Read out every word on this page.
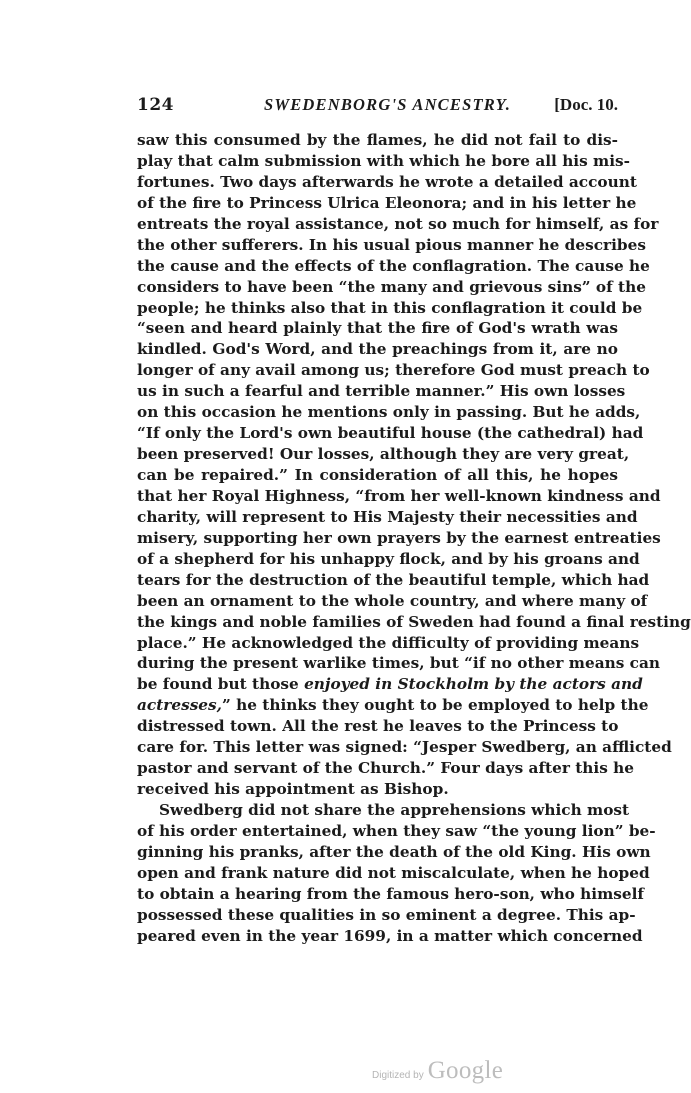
124	SWEDENBORG'S ANCESTRY.	[Doc. 10.
saw this consumed by the flames, he did not fail to dis-
play that calm submission with which he bore all his mis-
fortunes. Two days afterwards he wrote a detailed account
of the fire to Princess Ulrica Eleonora; and in his letter he
entreats the royal assistance, not so much for himself, as for
the other sufferers. In his usual pious manner he describes
the cause and the effects of the conflagration. The cause he
considers to have been “the many and grievous sins” of the
people; he thinks also that in this conflagration it could be
“seen and heard plainly that the fire of God's wrath was
kindled. God's Word, and the preachings from it, are no
longer of any avail among us; therefore God must preach to
us in such a fearful and terrible manner.” His own losses
on this occasion he mentions only in passing. But he adds,
“If only the Lord's own beautiful house (the cathedral) had
been preserved! Our losses, although they are very great,
can be repaired.” In consideration of all this, he hopes
that her Royal Highness, “from her well-known kindness and
charity, will represent to His Majesty their necessities and
misery, supporting her own prayers by the earnest entreaties
of a shepherd for his unhappy flock, and by his groans and
tears for the destruction of the beautiful temple, which had
been an ornament to the whole country, and where many of
the kings and noble families of Sweden had found a final resting
place.” He acknowledged the difficulty of providing means
during the present warlike times, but “if no other means can
be found but those enjoyed in Stockholm by the actors and
actresses,” he thinks they ought to be employed to help the
distressed town. All the rest he leaves to the Princess to
care for. This letter was signed: “Jesper Swedberg, an afflicted
pastor and servant of the Church.” Four days after this he
received his appointment as Bishop.
Swedberg did not share the apprehensions which most
of his order entertained, when they saw “the young lion” be-
ginning his pranks, after the death of the old King. His own
open and frank nature did not miscalculate, when he hoped
to obtain a hearing from the famous hero-son, who himself
possessed these qualities in so eminent a degree. This ap-
peared even in the year 1699, in a matter which concerned
Digitized by Google
